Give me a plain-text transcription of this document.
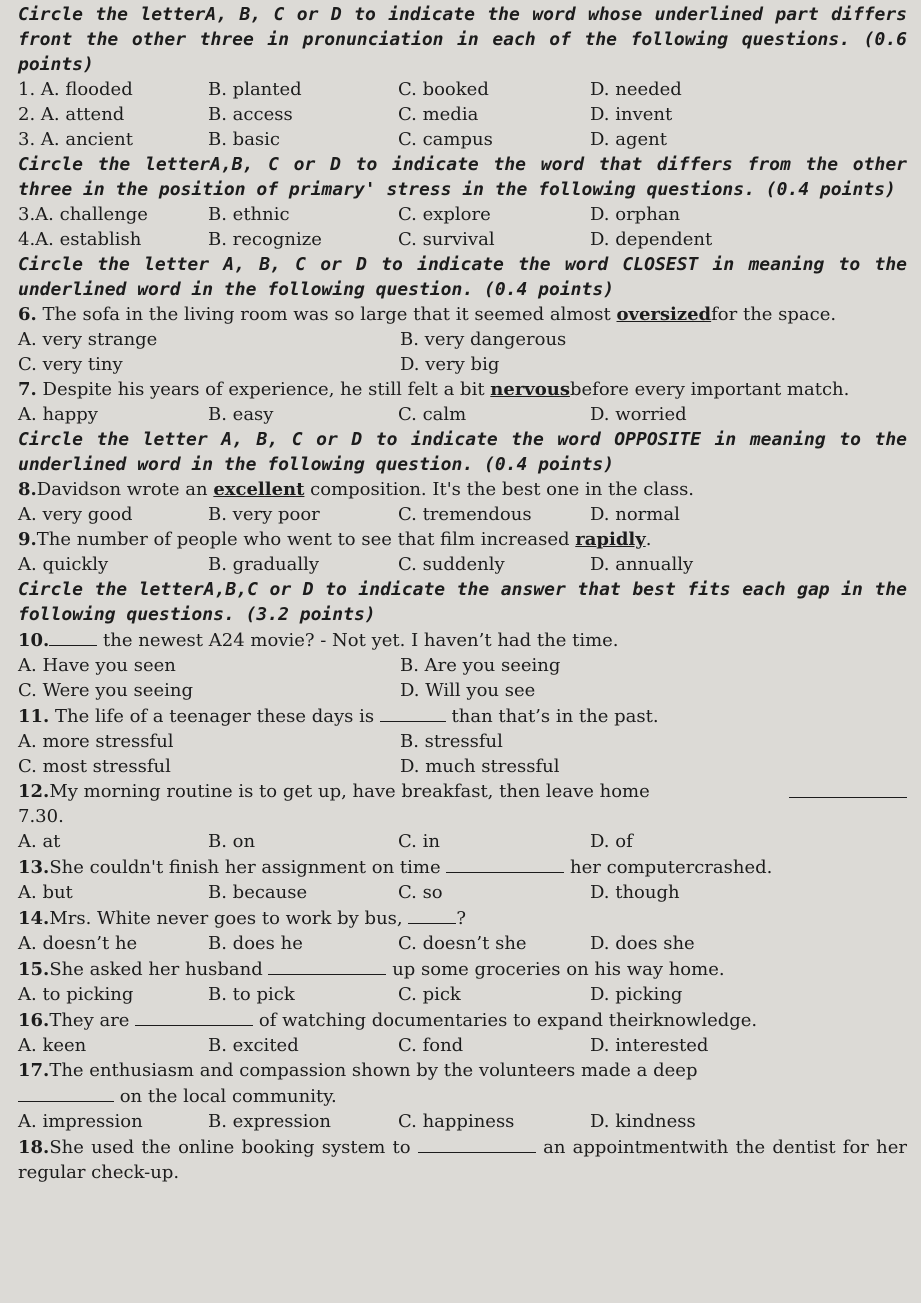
Circle the letterA, B, C or D to indicate the word whose underlined part differs front the other three in pronunciation in each of the following questions. (0.6 points)

1. A. flooded	B. planted	C. booked	D. needed
2. A. attend	B. access	C. media	D. invent
3. A. ancient	B. basic	C. campus	D. agent

Circle the letterA,B, C or D to indicate the word that differs from the other three in the position of primary' stress in the following questions. (0.4 points)

3.A. challenge	B. ethnic	C. explore	D. orphan
4.A. establish	B. recognize	C. survival	D. dependent

Circle the letter A, B, C or D to indicate the word CLOSEST in meaning to the underlined word in the following question. (0.4 points)

6. The sofa in the living room was so large that it seemed almost oversizedfor the space.

A. very strange	B. very dangerous
C. very tiny	D. very big

7. Despite his years of experience, he still felt a bit nervousbefore every important match.

A. happy	B. easy	C. calm	D. worried

Circle the letter A, B, C or D to indicate the word OPPOSITE in meaning to the underlined word in the following question. (0.4 points)

8.Davidson wrote an excellent composition. It's the best one in the class.

A. very good	B. very poor	C. tremendous	D. normal

9.The number of people who went to see that film increased rapidly.

A. quickly	B. gradually	C. suddenly	D. annually

Circle the letterA,B,C or D to indicate the answer that best fits each gap in the following questions. (3.2 points)

10.	the newest A24 movie? - Not yet. I haven’t had the time.

A. Have you seen	B. Are you seeing
C. Were you seeing	D. Will you see

11. The life of a teenager these days is	than that’s in the past.

A. more stressful	B. stressful
C. most stressful	D. much stressful

12.My morning routine is to get up, have breakfast, then leave home

7.30.

A. at	B. on	C. in	D. of

13.She couldn't finish her assignment on time	her computercrashed.

A. but	B. because	C. so	D. though

14.Mrs. White never goes to work by bus,	?

A. doesn’t he	B. does he	C. doesn’t she	D. does she

15.She asked her husband	up some groceries on his way home.

A. to picking	B. to pick	C. pick	D. picking

16.They are	of watching documentaries to expand theirknowledge.

A. keen	B. excited	C. fond	D. interested

17.The enthusiasm and compassion shown by the volunteers made a deep
on the local community.

A. impression	B. expression	C. happiness	D. kindness

18.She used the online booking system to	an appointmentwith the dentist for her regular check-up.
